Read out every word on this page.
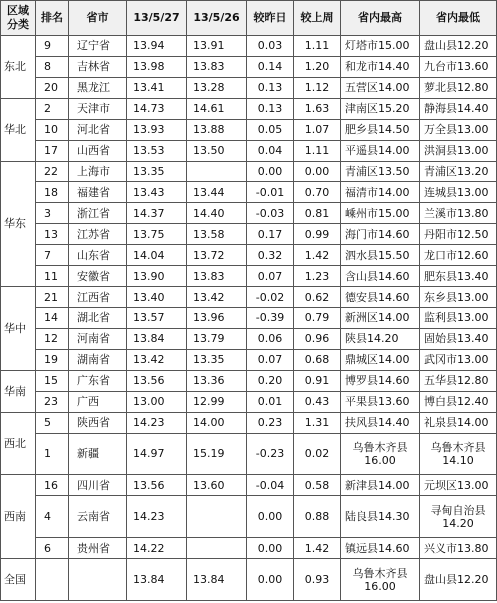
区域分类	排名	省市	13/5/27	13/5/26	较昨日	较上周	省内最高	省内最低
东北	9	辽宁省	13.94	13.91	0.03	1.11	灯塔市15.00	盘山县12.20
	8	吉林省	13.98	13.83	0.14	1.20	和龙市14.40	九台市13.60
	20	黑龙江	13.41	13.28	0.13	1.12	五营区14.00	萝北县12.80
华北	2	天津市	14.73	14.61	0.13	1.63	津南区15.20	静海县14.40
	10	河北省	13.93	13.88	0.05	1.07	肥乡县14.50	万全县13.00
	17	山西省	13.53	13.50	0.04	1.11	平遥县14.00	洪洞县13.00
华东	22	上海市	13.35		0.00	0.00	青浦区13.50	青浦区13.20
	18	福建省	13.43	13.44	-0.01	0.70	福清市14.00	连城县13.00
	3	浙江省	14.37	14.40	-0.03	0.81	嵊州市15.00	兰溪市13.80
	13	江苏省	13.75	13.58	0.17	0.99	海门市14.60	丹阳市12.50
	7	山东省	14.04	13.72	0.32	1.42	泗水县15.50	龙口市12.60
	11	安徽省	13.90	13.83	0.07	1.23	含山县14.60	肥东县13.40
华中	21	江西省	13.40	13.42	-0.02	0.62	德安县14.60	东乡县13.00
	14	湖北省	13.57	13.96	-0.39	0.79	新洲区14.00	监利县13.00
	12	河南省	13.84	13.79	0.06	0.96	陕县14.20	固始县13.40
	19	湖南省	13.42	13.35	0.07	0.68	鼎城区14.00	武冈市13.00
华南	15	广东省	13.56	13.36	0.20	0.91	博罗县14.60	五华县12.80
	23	广西	13.00	12.99	0.01	0.43	平果县13.60	博白县12.40
西北	5	陕西省	14.23	14.00	0.23	1.31	扶风县14.40	礼泉县14.00
	1	新疆	14.97	15.19	-0.23	0.02	乌鲁木齐县 16.00	乌鲁木齐县 14.10
西南	16	四川省	13.56	13.60	-0.04	0.58	新津县14.00	元坝区13.00
	4	云南省	14.23		0.00	0.88	陆良县14.30	寻甸自治县 14.20
	6	贵州省	14.22		0.00	1.42	镇远县14.60	兴义市13.80
全国			13.84	13.84	0.00	0.93	乌鲁木齐县 16.00	盘山县12.20
